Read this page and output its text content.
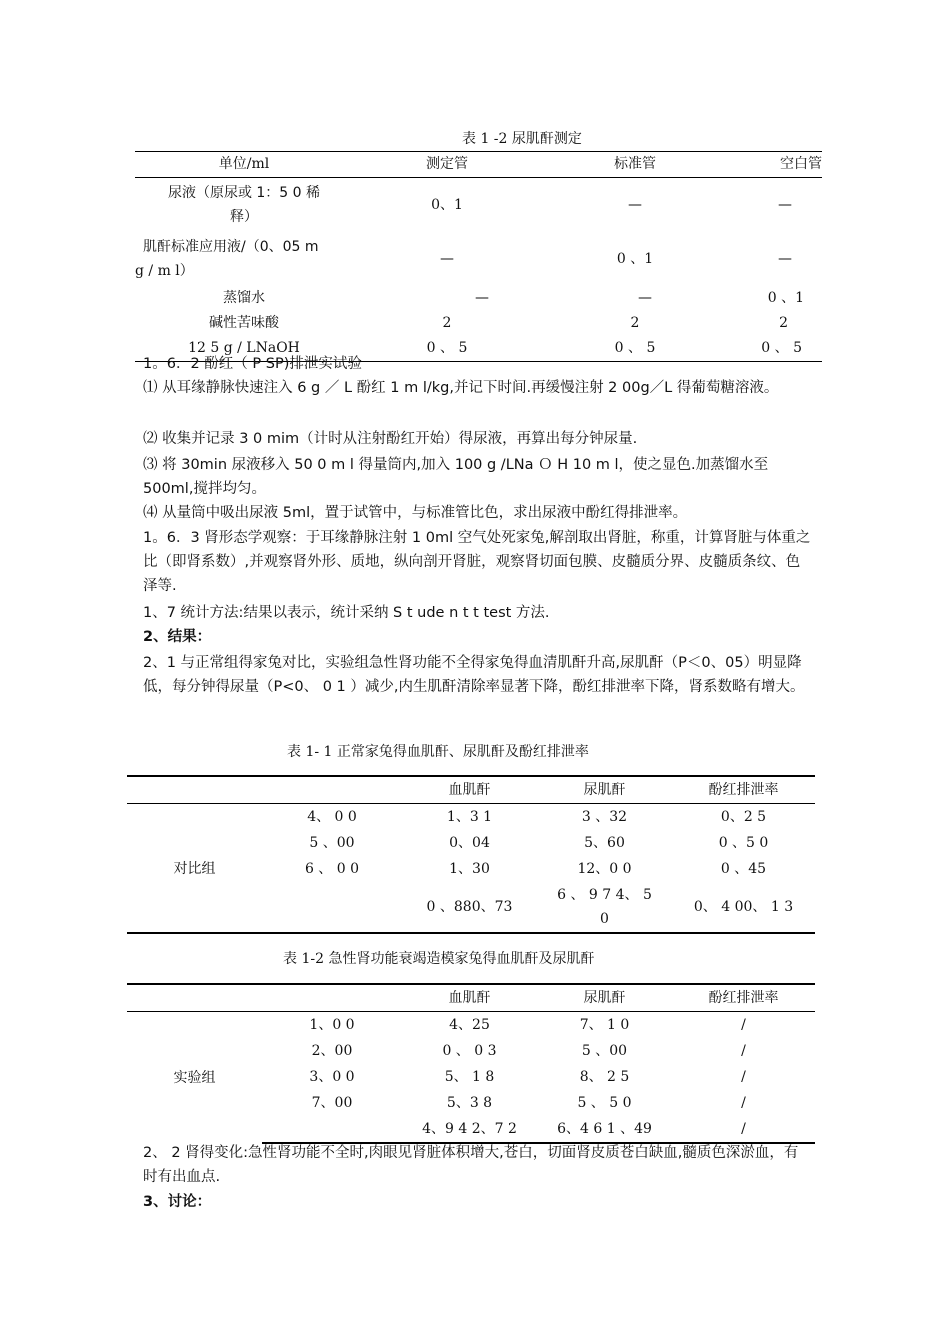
表 1 -2 尿肌酐测定
单位/ml	测定管	标准管	空白管
尿液（原尿或 1：5 0 稀
释）	0、1	—	—
肌酐标准应用液/（0、05 m
g / m l）	—	0 、1	—
蒸馏水	—	—	0 、1
碱性苦味酸	2	2	2
12 5 g / LNaOH	0 、 5	0 、 5	0 、 5
1。6．2 酚红（ P SP)排泄实试验
⑴ 从耳缘静脉快速注入 6 g ／ L 酚红 1 m l/kg,并记下时间.再缓慢注射 2 00g／L 得葡萄糖溶液。
⑵ 收集并记录 3 0 mim（计时从注射酚红开始）得尿液，再算出每分钟尿量.
⑶ 将 30min 尿液移入 50 0 m l 得量筒内,加入 100 g /LNa Ｏ H 10 m l，使之显色.加蒸馏水至 500ml,搅拌均匀。
⑷ 从量筒中吸出尿液 5ml，置于试管中，与标准管比色，求出尿液中酚红得排泄率。
1。6．3 肾形态学观察：于耳缘静脉注射 1 0ml 空气处死家兔,解剖取出肾脏，称重，计算肾脏与体重之比（即肾系数）,并观察肾外形、质地，纵向剖开肾脏，观察肾切面包膜、皮髓质分界、皮髓质条纹、色泽等.
1、7 统计方法:结果以表示，统计采纳 S t ude n t t test 方法.
2、结果：
2、1 与正常组得家兔对比，实验组急性肾功能不全得家兔得血清肌酐升高,尿肌酐（P＜0、05）明显降低，每分钟得尿量（P<0、 0 1 ）减少,内生肌酐清除率显著下降，酚红排泄率下降，肾系数略有增大。
表 1- 1 正常家兔得血肌酐、尿肌酐及酚红排泄率
		血肌酐	尿肌酐	酚红排泄率
对比组	4、 0 0	1、3 1	3 、32	0、2 5
	5 、00	0、04	5、60	0 、5 0
	6 、 0 0	1、30	12、0 0	0 、45
		0 、880、73	6 、 9 7 4、 5 0	0、 4 00、 1 3
表 1-2 急性肾功能衰竭造模家兔得血肌酐及尿肌酐
		血肌酐	尿肌酐	酚红排泄率
实验组	1、0 0	4、25	7、 1 0	/
	2、00	0 、 0 3	5 、00	/
	3、0 0	5、 1 8	8、 2 5	/
	7、00	5、3 8	5 、 5 0	/
		4、9 4 2、7 2	6、4 6 1 、49	/
2、 2 肾得变化:急性肾功能不全时,肉眼见肾脏体积增大,苍白，切面肾皮质苍白缺血,髓质色深淤血，有时有出血点.
3、讨论：
